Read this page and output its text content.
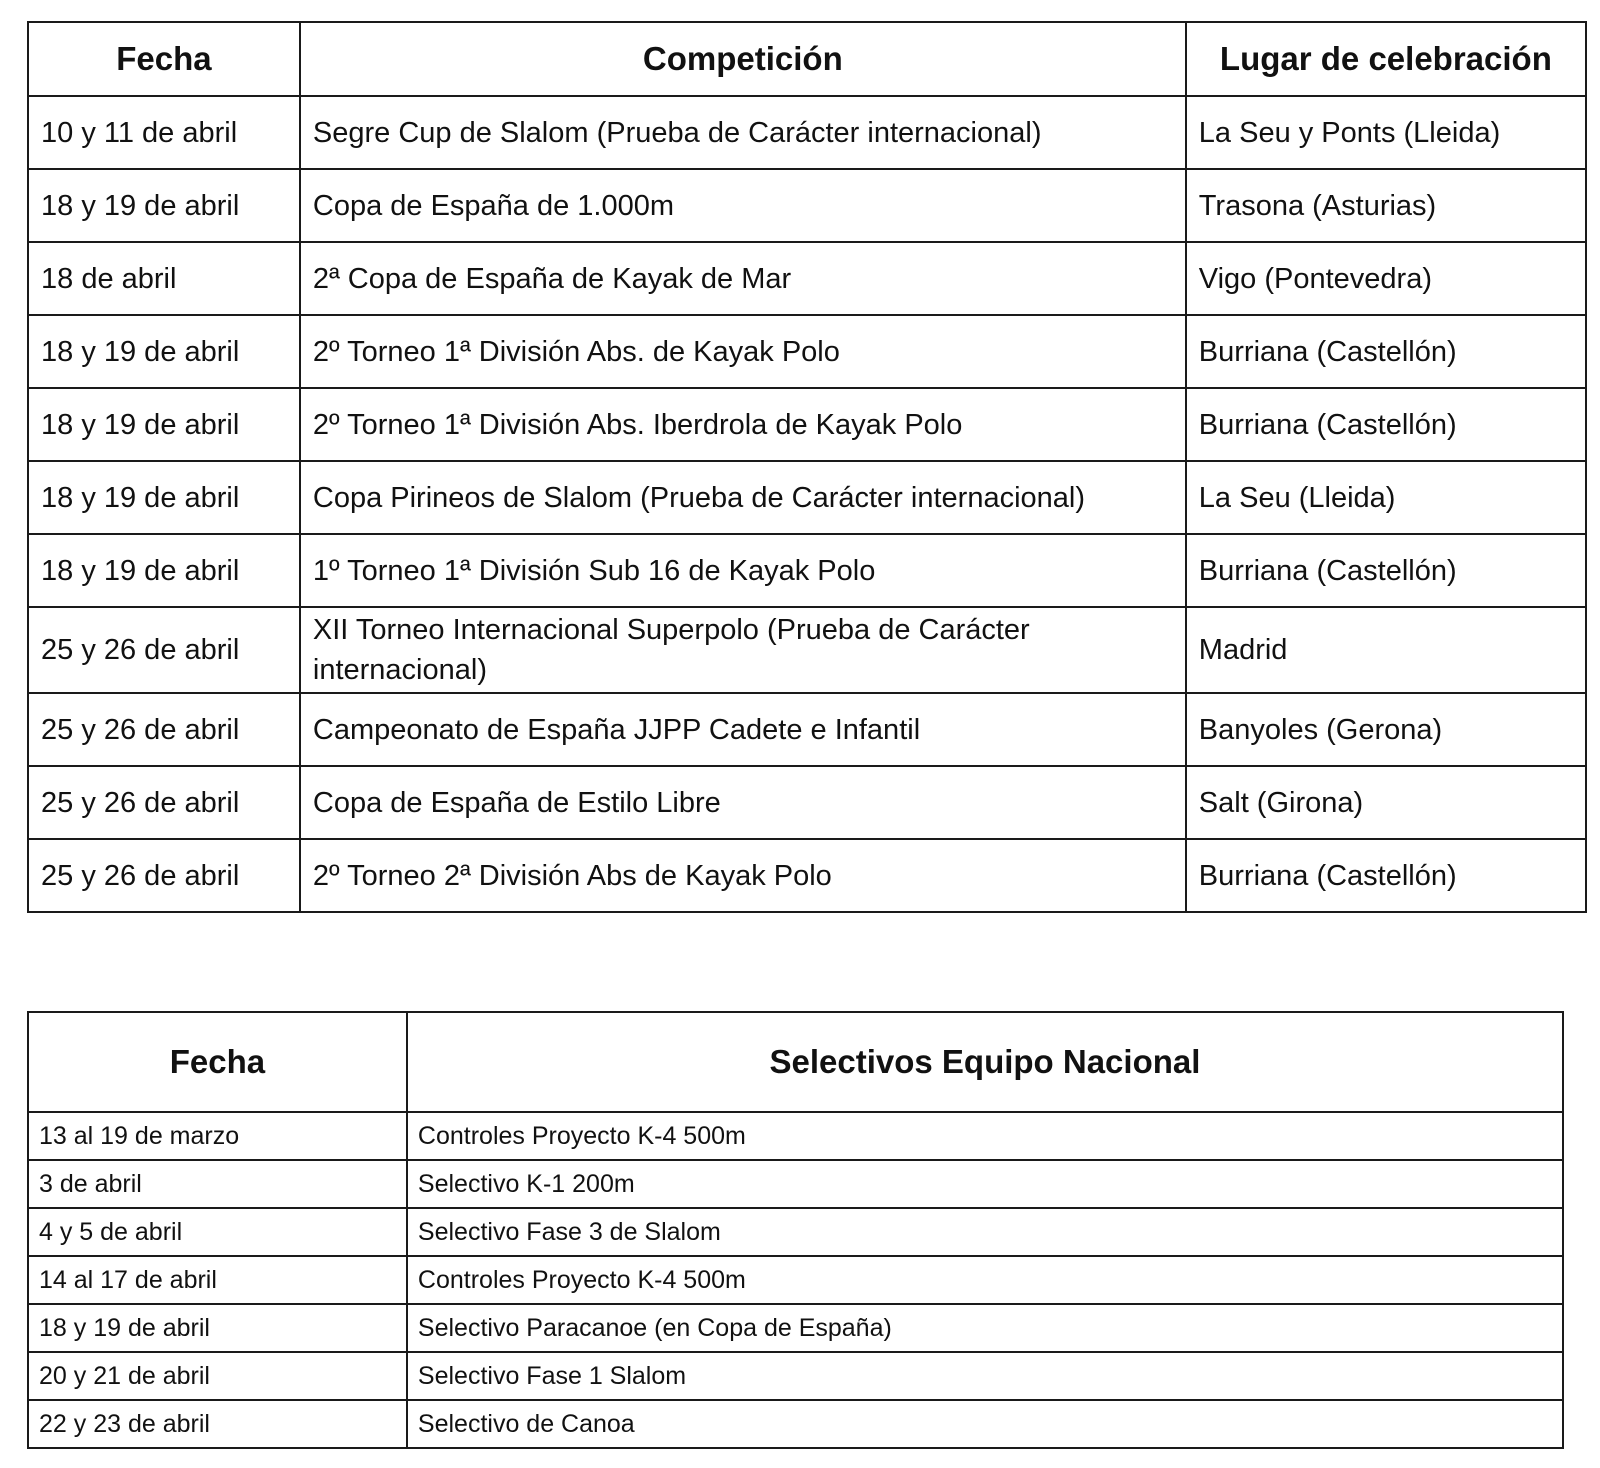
Fecha	Competición	Lugar de celebración
10 y 11 de abril	Segre Cup de Slalom (Prueba de Carácter internacional)	La Seu y Ponts (Lleida)
18 y 19 de abril	Copa de España de 1.000m	Trasona (Asturias)
18 de abril	2ª Copa de España de Kayak de Mar	Vigo (Pontevedra)
18 y 19 de abril	2º Torneo 1ª División Abs. de Kayak Polo	Burriana (Castellón)
18 y 19 de abril	2º Torneo 1ª División Abs. Iberdrola de Kayak Polo	Burriana (Castellón)
18 y 19 de abril	Copa Pirineos de Slalom (Prueba de Carácter internacional)	La Seu (Lleida)
18 y 19 de abril	1º Torneo 1ª División Sub 16 de Kayak Polo	Burriana (Castellón)
25 y 26 de abril	XII Torneo Internacional Superpolo (Prueba de Carácter internacional)	Madrid
25 y 26 de abril	Campeonato de España JJPP Cadete e Infantil	Banyoles (Gerona)
25 y 26 de abril	Copa de España de Estilo Libre	Salt (Girona)
25 y 26 de abril	2º Torneo 2ª División Abs de Kayak Polo	Burriana (Castellón)
Fecha	Selectivos Equipo Nacional
13 al 19 de marzo	Controles Proyecto K-4 500m
3 de abril	Selectivo K-1 200m
4 y 5 de abril	Selectivo Fase 3 de Slalom
14 al 17 de abril	Controles Proyecto K-4 500m
18 y 19 de abril	Selectivo Paracanoe (en Copa de España)
20 y 21 de abril	Selectivo Fase 1 Slalom
22 y 23 de abril	Selectivo de Canoa
